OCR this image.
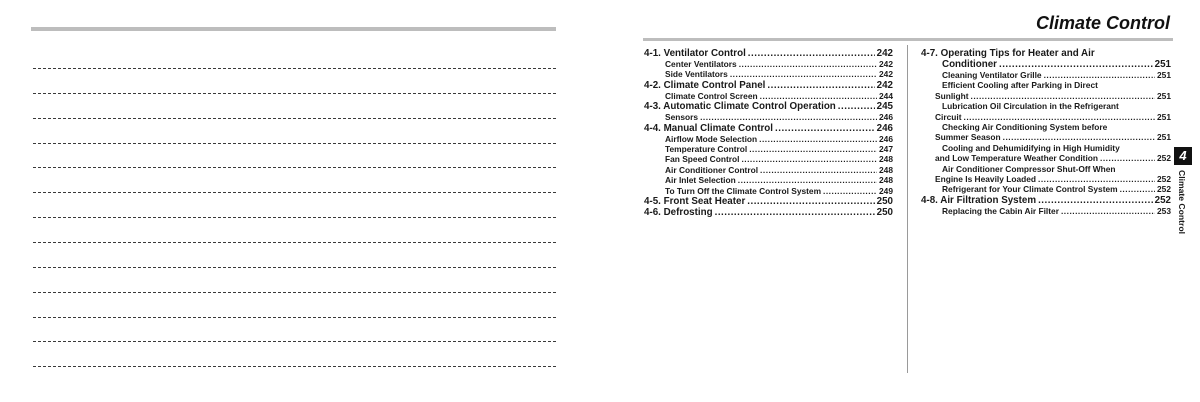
Climate Control
4-1. Ventilator Control .....	242
Center Ventilators .....	242
Side Ventilators .....	242
4-2. Climate Control Panel .....	242
Climate Control Screen .....	244
4-3. Automatic Climate Control Operation .....	245
Sensors .....	246
4-4. Manual Climate Control .....	246
Airflow Mode Selection .....	246
Temperature Control .....	247
Fan Speed Control .....	248
Air Conditioner Control .....	248
Air Inlet Selection .....	248
To Turn Off the Climate Control System .....	249
4-5. Front Seat Heater .....	250
4-6. Defrosting .....	250
4-7. Operating Tips for Heater and Air
Conditioner .....	251
Cleaning Ventilator Grille .....	251
Efficient Cooling after Parking in Direct
Sunlight .....	251
Lubrication Oil Circulation in the Refrigerant
Circuit .....	251
Checking Air Conditioning System before
Summer Season .....	251
Cooling and Dehumidifying in High Humidity
and Low Temperature Weather Condition .....	252
Air Conditioner Compressor Shut-Off When
Engine Is Heavily Loaded .....	252
Refrigerant for Your Climate Control System .....	252
4-8. Air Filtration System .....	252
Replacing the Cabin Air Filter .....	253
4
Climate Control
